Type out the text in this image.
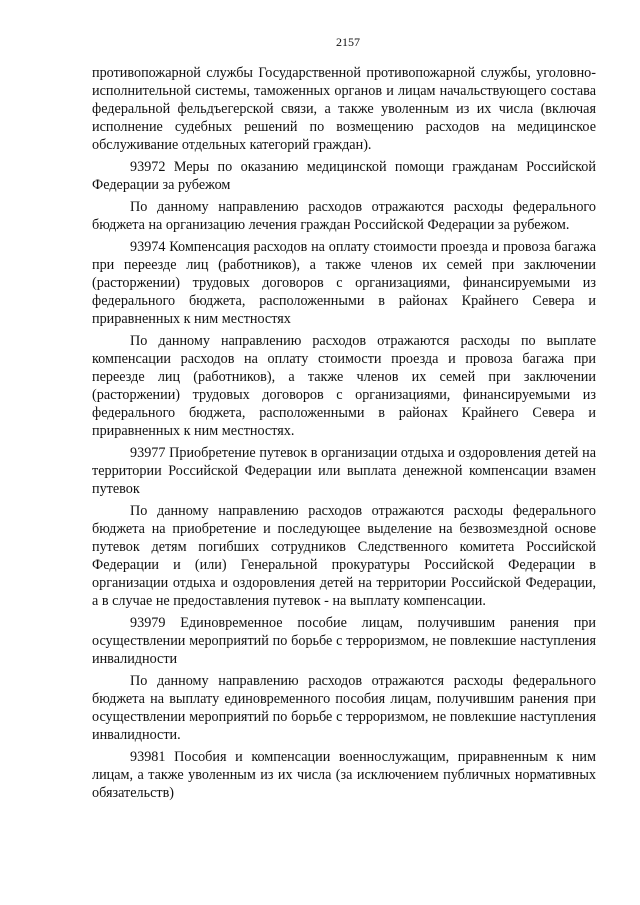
2157

противопожарной службы Государственной противопожарной службы, уголовно-исполнительной системы, таможенных органов и лицам начальствующего состава федеральной фельдъегерской связи, а также уволенным из их числа (включая исполнение судебных решений по возмещению расходов на медицинское обслуживание отдельных категорий граждан).

93972 Меры по оказанию медицинской помощи гражданам Российской Федерации за рубежом

По данному направлению расходов отражаются расходы федерального бюджета на организацию лечения граждан Российской Федерации за рубежом.

93974 Компенсация расходов на оплату стоимости проезда и провоза багажа при переезде лиц (работников), а также членов их семей при заключении (расторжении) трудовых договоров с организациями, финансируемыми из федерального бюджета, расположенными в районах Крайнего Севера и приравненных к ним местностях

По данному направлению расходов отражаются расходы по выплате компенсации расходов на оплату стоимости проезда и провоза багажа при переезде лиц (работников), а также членов их семей при заключении (расторжении) трудовых договоров с организациями, финансируемыми из федерального бюджета, расположенными в районах Крайнего Севера и приравненных к ним местностях.

93977 Приобретение путевок в организации отдыха и оздоровления детей на территории Российской Федерации или выплата денежной компенсации взамен путевок

По данному направлению расходов отражаются расходы федерального бюджета на приобретение и последующее выделение на безвозмездной основе путевок детям погибших сотрудников Следственного комитета Российской Федерации и (или) Генеральной прокуратуры Российской Федерации в организации отдыха и оздоровления детей на территории Российской Федерации, а в случае не предоставления путевок - на выплату компенсации.

93979 Единовременное пособие лицам, получившим ранения при осуществлении мероприятий по борьбе с терроризмом, не повлекшие наступления инвалидности

По данному направлению расходов отражаются расходы федерального бюджета на выплату единовременного пособия лицам, получившим ранения при осуществлении мероприятий по борьбе с терроризмом, не повлекшие наступления инвалидности.

93981 Пособия и компенсации военнослужащим, приравненным к ним лицам, а также уволенным из их числа (за исключением публичных нормативных обязательств)
